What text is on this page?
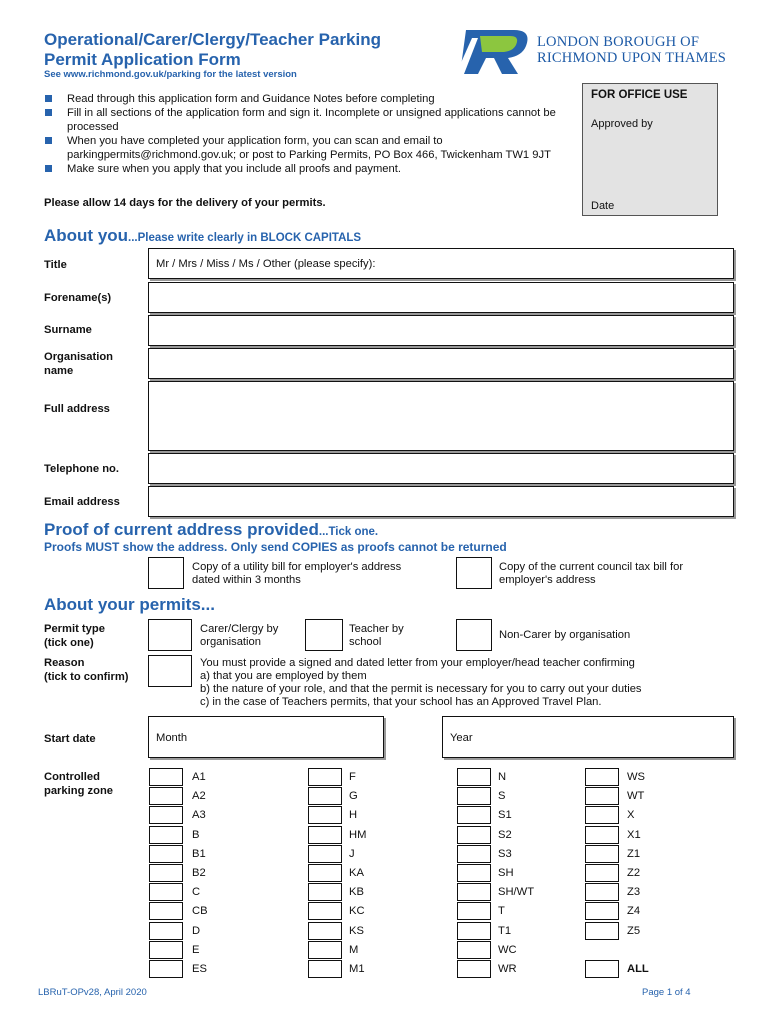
Operational/Carer/Clergy/Teacher Parking
Permit Application Form
See www.richmond.gov.uk/parking for the latest version
LONDON BOROUGH OF
RICHMOND UPON THAMES
FOR OFFICE USE
Approved by
Date
Read through this application form and Guidance Notes before completing
Fill in all sections of the application form and sign it. Incomplete or unsigned applications cannot be processed
When you have completed your application form, you can scan and email to parkingpermits@richmond.gov.uk; or post to Parking Permits, PO Box 466, Twickenham TW1 9JT
Make sure when you apply that you include all proofs and payment.
Please allow 14 days for the delivery of your permits.
About you...Please write clearly in BLOCK CAPITALS
Title	Mr / Mrs / Miss / Ms / Other (please specify):
Forename(s)
Surname
Organisation
name
Full address
Telephone no.
Email address
Proof of current address provided...Tick one.
Proofs MUST show the address. Only send COPIES as proofs cannot be returned
Copy of a utility bill for employer's address
dated within 3 months
Copy of the current council tax bill for
employer's address
About your permits...
Permit type
(tick one)
Carer/Clergy by
organisation
Teacher by
school
Non-Carer by organisation
Reason
(tick to confirm)
You must provide a signed and dated letter from your employer/head teacher confirming
a) that you are employed by them
b) the nature of your role, and that the permit is necessary for you to carry out your duties
c) in the case of Teachers permits, that your school has an Approved Travel Plan.
Start date	Month	Year
Controlled
parking zone
A1
A2
A3
B
B1
B2
C
CB
D
E
ES
F
G
H
HM
J
KA
KB
KC
KS
M
M1
N
S
S1
S2
S3
SH
SH/WT
T
T1
WC
WR
WS
WT
X
X1
Z1
Z2
Z3
Z4
Z5
ALL
LBRuT-OPv28, April 2020	Page 1 of 4
